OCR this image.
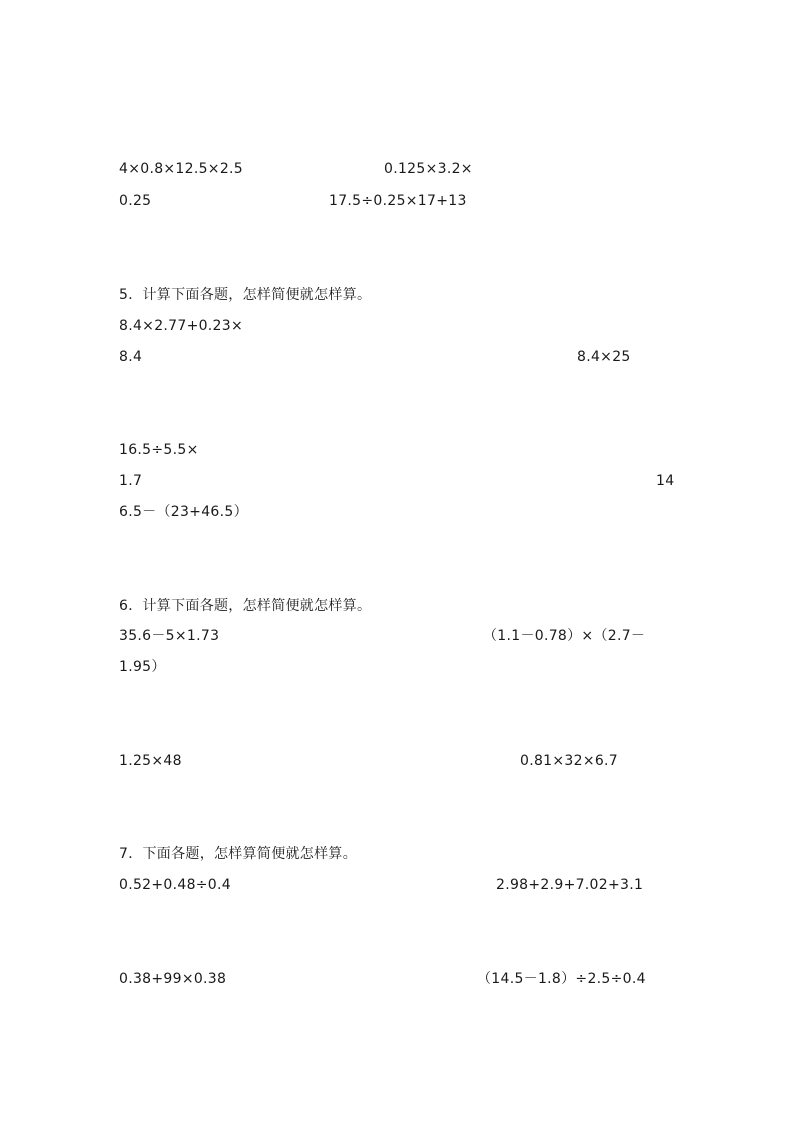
4×0.8×12.5×2.5	0.125×3.2×
0.25	17.5÷0.25×17+13
5．计算下面各题，怎样简便就怎样算。
8.4×2.77+0.23×
8.4	8.4×25
16.5÷5.5×
1.7	14
6.5－（23+46.5）
6．计算下面各题，怎样简便就怎样算。
35.6－5×1.73	（1.1－0.78）×（2.7－
1.95）
1.25×48	0.81×32×6.7
7．下面各题，怎样算简便就怎样算。
0.52+0.48÷0.4	2.98+2.9+7.02+3.1
0.38+99×0.38	（14.5－1.8）÷2.5÷0.4
